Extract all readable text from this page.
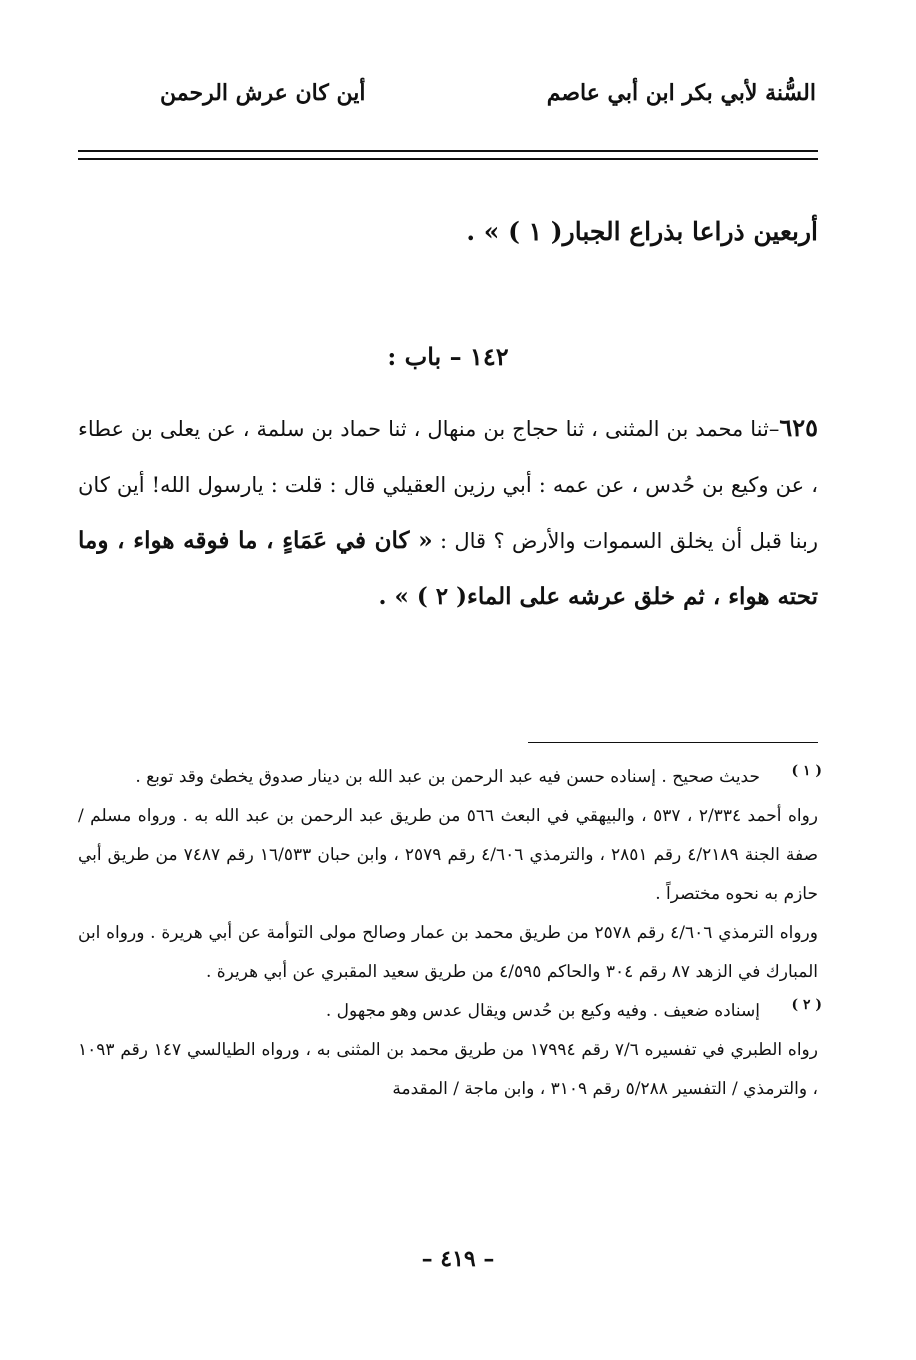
السُّنة لأبي بكر ابن أبي عاصم
أين كان عرش الرحمن
أربعين ذراعا بذراع الجبار( ١ ) » .
١٤٢ – باب :
٦٢٥–ثنا محمد بن المثنى ، ثنا حجاج بن منهال ، ثنا حماد بن سلمة ، عن يعلى بن عطاء ، عن وكيع بن حُدس ، عن عمه : أبي رزين العقيلي قال : قلت : يارسول الله! أين كان ربنا قبل أن يخلق السموات والأرض ؟ قال : « كان في عَمَاءٍ ، ما فوقه هواء ، وما تحته هواء ، ثم خلق عرشه على الماء( ٢ ) » .
( ١ )

حديث صحيح . إسناده حسن فيه عبد الرحمن بن عبد الله بن دينار صدوق يخطئ وقد توبع .

رواه أحمد ٢/٣٣٤ ، ٥٣٧ ، والبيهقي في البعث ٥٦٦ من طريق عبد الرحمن بن عبد الله به . ورواه مسلم / صفة الجنة ٤/٢١٨٩ رقم ٢٨٥١ ، والترمذي ٤/٦٠٦ رقم ٢٥٧٩ ، وابن حبان ١٦/٥٣٣ رقم ٧٤٨٧ من طريق أبي حازم به نحوه مختصراً .

ورواه الترمذي ٤/٦٠٦ رقم ٢٥٧٨ من طريق محمد بن عمار وصالح مولى التوأمة عن أبي هريرة . ورواه ابن المبارك في الزهد ٨٧ رقم ٣٠٤ والحاكم ٤/٥٩٥ من طريق سعيد المقبري عن أبي هريرة .

( ٢ )

إسناده ضعيف . وفيه وكيع بن حُدس ويقال عدس وهو مجهول .

رواه الطبري في تفسيره ٧/٦ رقم ١٧٩٩٤ من طريق محمد بن المثنى به ، ورواه الطيالسي ١٤٧ رقم ١٠٩٣ ، والترمذي / التفسير ٥/٢٨٨ رقم ٣١٠٩ ، وابن ماجة / المقدمة

– ٤١٩ –
